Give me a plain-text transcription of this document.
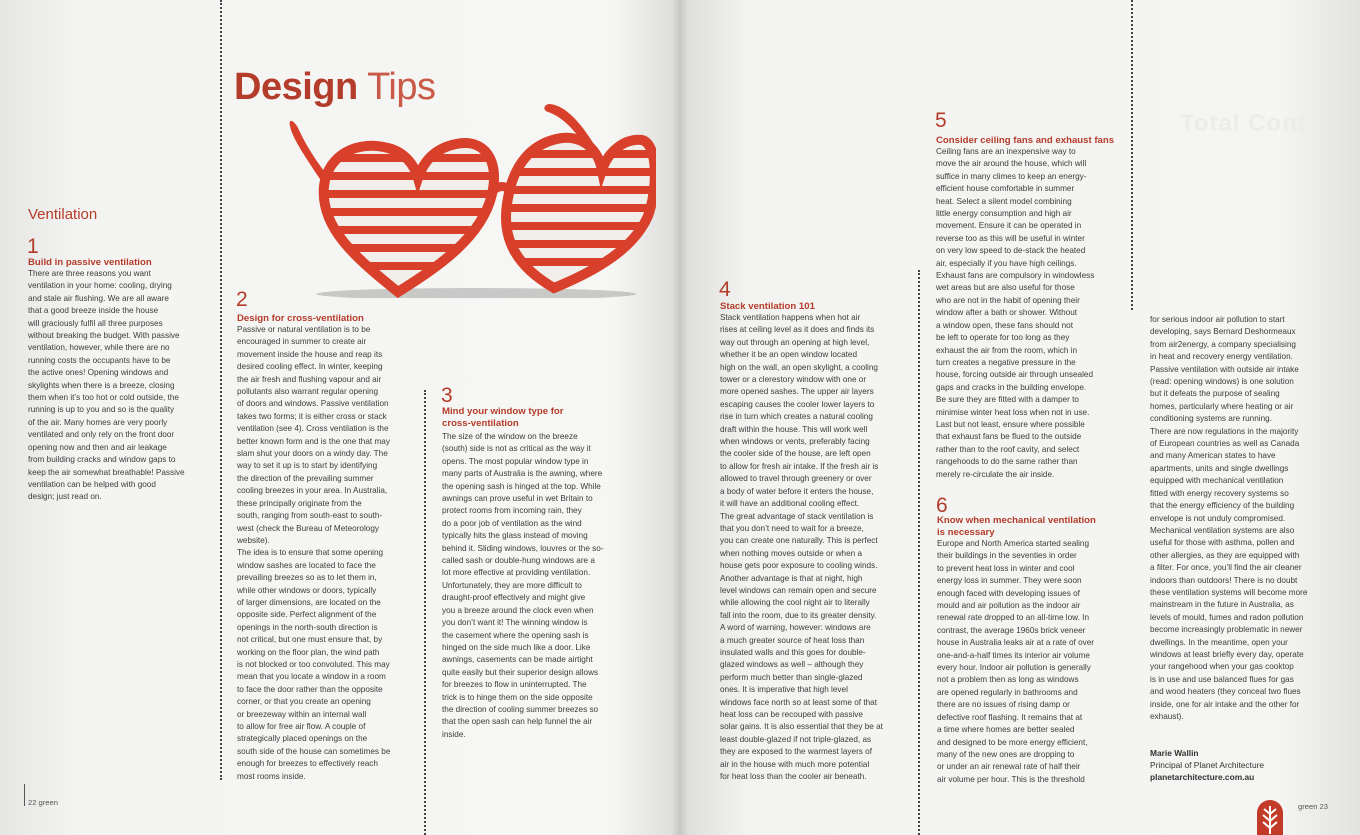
Total Cont
Design Tips
Ventilation
1
Build in passive ventilation
There are three reasons you want
ventilation in your home: cooling, drying
and stale air flushing. We are all aware
that a good breeze inside the house
will graciously fulfil all three purposes
without breaking the budget. With passive
ventilation, however, while there are no
running costs the occupants have to be
the active ones! Opening windows and
skylights when there is a breeze, closing
them when it’s too hot or cold outside, the
running is up to you and so is the quality
of the air. Many homes are very poorly
ventilated and only rely on the front door
opening now and then and air leakage
from building cracks and window gaps to
keep the air somewhat breathable! Passive
ventilation can be helped with good
design; just read on.
2
Design for cross-ventilation
Passive or natural ventilation is to be
encouraged in summer to create air
movement inside the house and reap its
desired cooling effect. In winter, keeping
the air fresh and flushing vapour and air
pollutants also warrant regular opening
of doors and windows. Passive ventilation
takes two forms; it is either cross or stack
ventilation (see 4). Cross ventilation is the
better known form and is the one that may
slam shut your doors on a windy day. The
way to set it up is to start by identifying
the direction of the prevailing summer
cooling breezes in your area. In Australia,
these principally originate from the
south, ranging from south-east to south-
west (check the Bureau of Meteorology
website).
The idea is to ensure that some opening
window sashes are located to face the
prevailing breezes so as to let them in,
while other windows or doors, typically
of larger dimensions, are located on the
opposite side. Perfect alignment of the
openings in the north-south direction is
not critical, but one must ensure that, by
working on the floor plan, the wind path
is not blocked or too convoluted. This may
mean that you locate a window in a room
to face the door rather than the opposite
corner, or that you create an opening
or breezeway within an internal wall
to allow for free air flow. A couple of
strategically placed openings on the
south side of the house can sometimes be
enough for breezes to effectively reach
most rooms inside.
3
Mind your window type for
cross-ventilation
The size of the window on the breeze
(south) side is not as critical as the way it
opens. The most popular window type in
many parts of Australia is the awning, where
the opening sash is hinged at the top. While
awnings can prove useful in wet Britain to
protect rooms from incoming rain, they
do a poor job of ventilation as the wind
typically hits the glass instead of moving
behind it. Sliding windows, louvres or the so-
called sash or double-hung windows are a
lot more effective at providing ventilation.
Unfortunately, they are more difficult to
draught-proof effectively and might give
you a breeze around the clock even when
you don’t want it! The winning window is
the casement where the opening sash is
hinged on the side much like a door. Like
awnings, casements can be made airtight
quite easily but their superior design allows
for breezes to flow in uninterrupted. The
trick is to hinge them on the side opposite
the direction of cooling summer breezes so
that the open sash can help funnel the air
inside.
4
Stack ventilation 101
Stack ventilation happens when hot air
rises at ceiling level as it does and finds its
way out through an opening at high level,
whether it be an open window located
high on the wall, an open skylight, a cooling
tower or a clerestory window with one or
more opened sashes. The upper air layers
escaping causes the cooler lower layers to
rise in turn which creates a natural cooling
draft within the house. This will work well
when windows or vents, preferably facing
the cooler side of the house, are left open
to allow for fresh air intake. If the fresh air is
allowed to travel through greenery or over
a body of water before it enters the house,
it will have an additional cooling effect.
The great advantage of stack ventilation is
that you don’t need to wait for a breeze,
you can create one naturally. This is perfect
when nothing moves outside or when a
house gets poor exposure to cooling winds.
Another advantage is that at night, high
level windows can remain open and secure
while allowing the cool night air to literally
fall into the room, due to its greater density.
A word of warning, however: windows are
a much greater source of heat loss than
insulated walls and this goes for double-
glazed windows as well – although they
perform much better than single-glazed
ones. It is imperative that high level
windows face north so at least some of that
heat loss can be recouped with passive
solar gains. It is also essential that they be at
least double-glazed if not triple-glazed, as
they are exposed to the warmest layers of
air in the house with much more potential
for heat loss than the cooler air beneath.
5
Consider ceiling fans and exhaust fans
Ceiling fans are an inexpensive way to
move the air around the house, which will
suffice in many climes to keep an energy-
efficient house comfortable in summer
heat. Select a silent model combining
little energy consumption and high air
movement. Ensure it can be operated in
reverse too as this will be useful in winter
on very low speed to de-stack the heated
air, especially if you have high ceilings.
Exhaust fans are compulsory in windowless
wet areas but are also useful for those
who are not in the habit of opening their
window after a bath or shower. Without
a window open, these fans should not
be left to operate for too long as they
exhaust the air from the room, which in
turn creates a negative pressure in the
house, forcing outside air through unsealed
gaps and cracks in the building envelope.
Be sure they are fitted with a damper to
minimise winter heat loss when not in use.
Last but not least, ensure where possible
that exhaust fans be flued to the outside
rather than to the roof cavity, and select
rangehoods to do the same rather than
merely re-circulate the air inside.
6
Know when mechanical ventilation
is necessary
Europe and North America started sealing
their buildings in the seventies in order
to prevent heat loss in winter and cool
energy loss in summer. They were soon
enough faced with developing issues of
mould and air pollution as the indoor air
renewal rate dropped to an all-time low. In
contrast, the average 1960s brick veneer
house in Australia leaks air at a rate of over
one-and-a-half times its interior air volume
every hour. Indoor air pollution is generally
not a problem then as long as windows
are opened regularly in bathrooms and
there are no issues of rising damp or
defective roof flashing. It remains that at
a time where homes are better sealed
and designed to be more energy efficient,
many of the new ones are dropping to
or under an air renewal rate of half their
air volume per hour. This is the threshold
for serious indoor air pollution to start
developing, says Bernard Deshormeaux
from air2energy, a company specialising
in heat and recovery energy ventilation.
Passive ventilation with outside air intake
(read: opening windows) is one solution
but it defeats the purpose of sealing
homes, particularly where heating or air
conditioning systems are running.
There are now regulations in the majority
of European countries as well as Canada
and many American states to have
apartments, units and single dwellings
equipped with mechanical ventilation
fitted with energy recovery systems so
that the energy efficiency of the building
envelope is not unduly compromised.
Mechanical ventilation systems are also
useful for those with asthma, pollen and
other allergies, as they are equipped with
a filter. For once, you’ll find the air cleaner
indoors than outdoors! There is no doubt
these ventilation systems will become more
mainstream in the future in Australia, as
levels of mould, fumes and radon pollution
become increasingly problematic in newer
dwellings. In the meantime, open your
windows at least briefly every day, operate
your rangehood when your gas cooktop
is in use and use balanced flues for gas
and wood heaters (they conceal two flues
inside, one for air intake and the other for
exhaust).
Marie Wallin
Principal of Planet Architecture
planetarchitecture.com.au
22 green	green 23
